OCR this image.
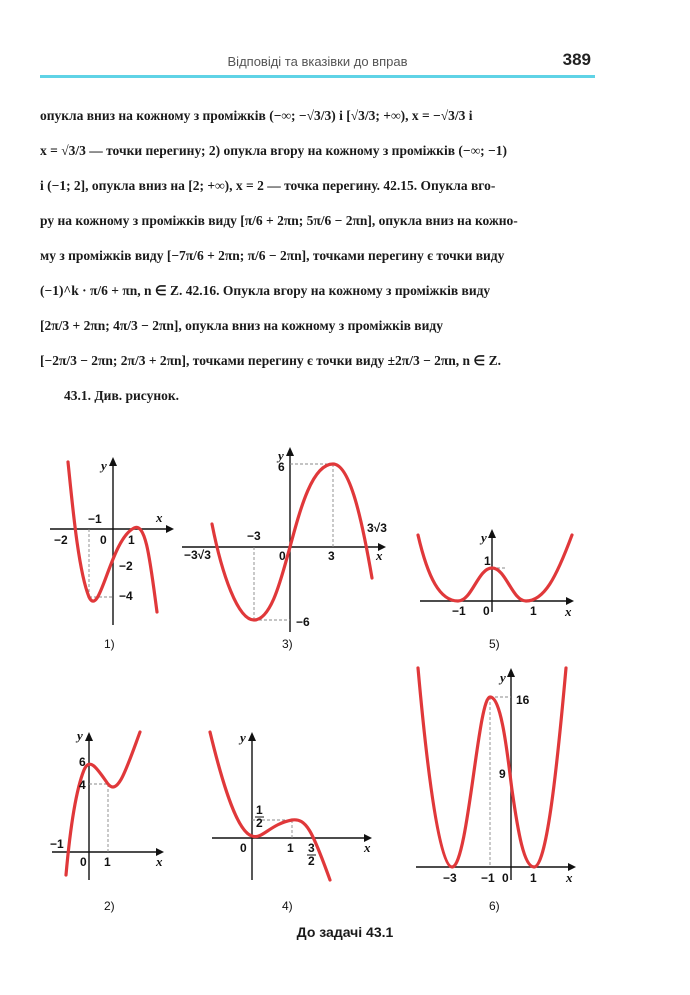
Відповіді та вказівки до вправ	389
опукла вниз на кожному з проміжків (−∞; −√3/3) і [√3/3; +∞), x = −√3/3 і
x = √3/3 — точки перегину; 2) опукла вгору на кожному з проміжків (−∞; −1)
і (−1; 2], опукла вниз на [2; +∞), x = 2 — точка перегину. 42.15. Опукла вго-
ру на кожному з проміжків виду [π/6 + 2πn; 5π/6 − 2πn], опукла вниз на кожно-
му з проміжків виду [−7π/6 + 2πn; π/6 − 2πn], точками перегину є точки виду
(−1)^k · π/6 + πn, n ∈ Z. 42.16. Опукла вгору на кожному з проміжків виду
[2π/3 + 2πn; 4π/3 − 2πn], опукла вниз на кожному з проміжків виду
[−2π/3 − 2πn; 2π/3 + 2πn], точками перегину є точки виду ±2π/3 − 2πn, n ∈ Z.
43.1. Див. рисунок.
y
x
−2
−1
0 1
−2
−4
1)
y
x
6
−3
3√3
−3√3	0	3
−6
3)
y
x
1
−1 0	1
5)
y
x
6
4
−1
0 1
2)
y
x
1
2
0	1 3
2
4)
y
x
16
9
−3 −1 0 1
6)
До задачі 43.1
